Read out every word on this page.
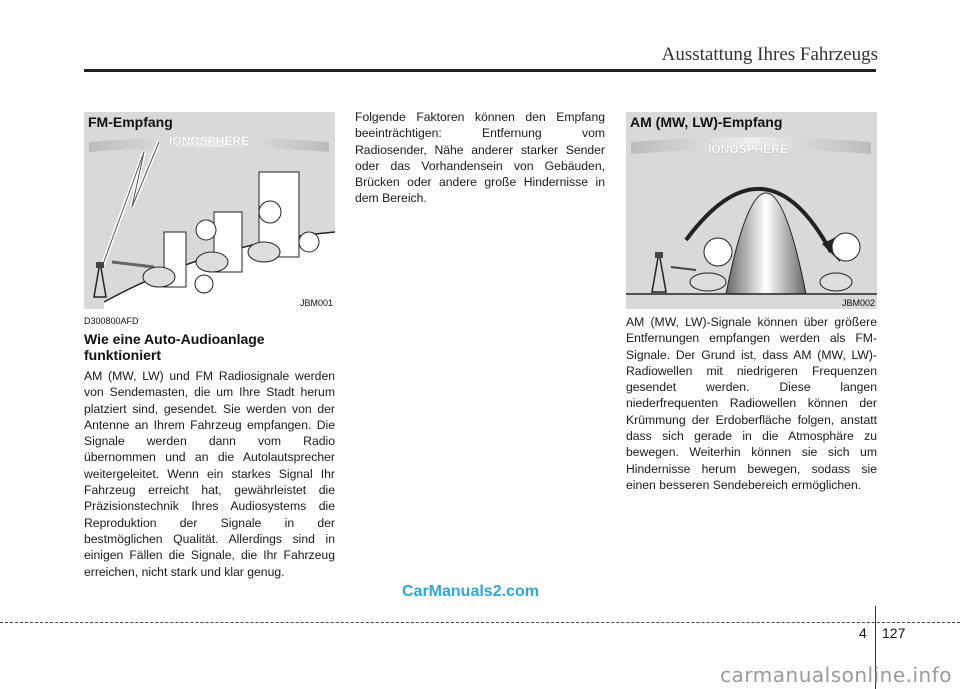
Ausstattung Ihres Fahrzeugs
FM-Empfang
IONOSPHERE
JBM001
AM (MW, LW)-Empfang
IONOSPHERE
JBM002
D300800AFD
Wie eine Auto-Audioanlage funktioniert
AM (MW, LW) und FM Radiosignale werden von Sendemasten, die um Ihre Stadt herum platziert sind, gesendet. Sie werden von der Antenne an Ihrem Fahrzeug empfangen. Die Signale werden dann vom Radio übernommen und an die Autolautsprecher weitergeleitet. Wenn ein starkes Signal Ihr Fahrzeug erreicht hat, gewährleistet die Präzisionstechnik Ihres Audiosystems die Reproduktion der Signale in der bestmöglichen Qualität. Allerdings sind in einigen Fällen die Signale, die Ihr Fahrzeug erreichen, nicht stark und klar genug.
Folgende Faktoren können den Empfang beeinträchtigen: Entfernung vom Radiosender, Nähe anderer starker Sender oder das Vorhandensein von Gebäuden, Brücken oder andere große Hindernisse in dem Bereich.
AM (MW, LW)-Signale können über größere Entfernungen empfangen werden als FM-Signale. Der Grund ist, dass AM (MW, LW)-Radiowellen mit niedrigeren Frequenzen gesendet werden. Diese langen niederfrequenten Radiowellen können der Krümmung der Erdoberfläche folgen, anstatt dass sich gerade in die Atmosphäre zu bewegen. Weiterhin können sie sich um Hindernisse herum bewegen, sodass sie einen besseren Sendebereich ermöglichen.
CarManuals2.com
4 127
carmanualsonline.info
